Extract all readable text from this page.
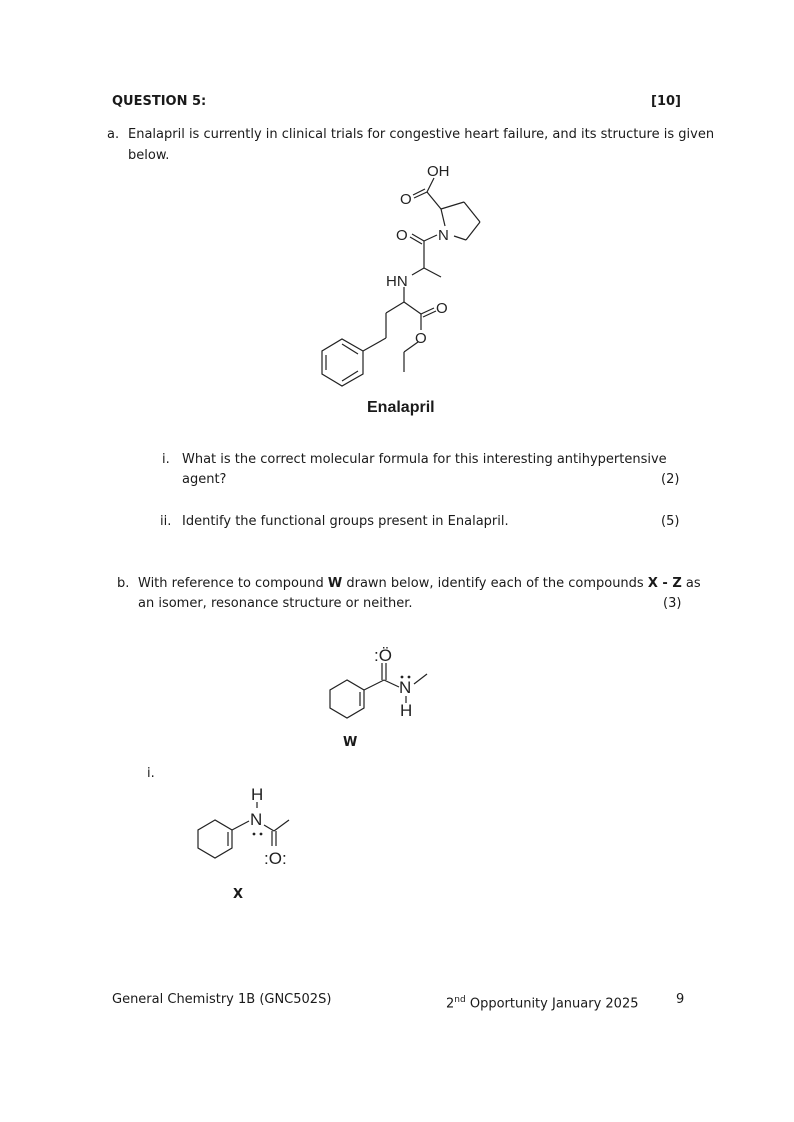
QUESTION 5:	[10]
a. Enalapril is currently in clinical trials for congestive heart failure, and its structure is given
below.
OH
O
N
O
HN
O
O
Enalapril
i. What is the correct molecular formula for this interesting antihypertensive
agent?	(2)
ii. Identify the functional groups present in Enalapril.	(5)
b. With reference to compound W drawn below, identify each of the compounds X - Z as
an isomer, resonance structure or neither.	(3)
:Ö
N
H
W
i.
H
N
:O:
X
General Chemistry 1B (GNC502S)	2nd Opportunity January 2025	9
